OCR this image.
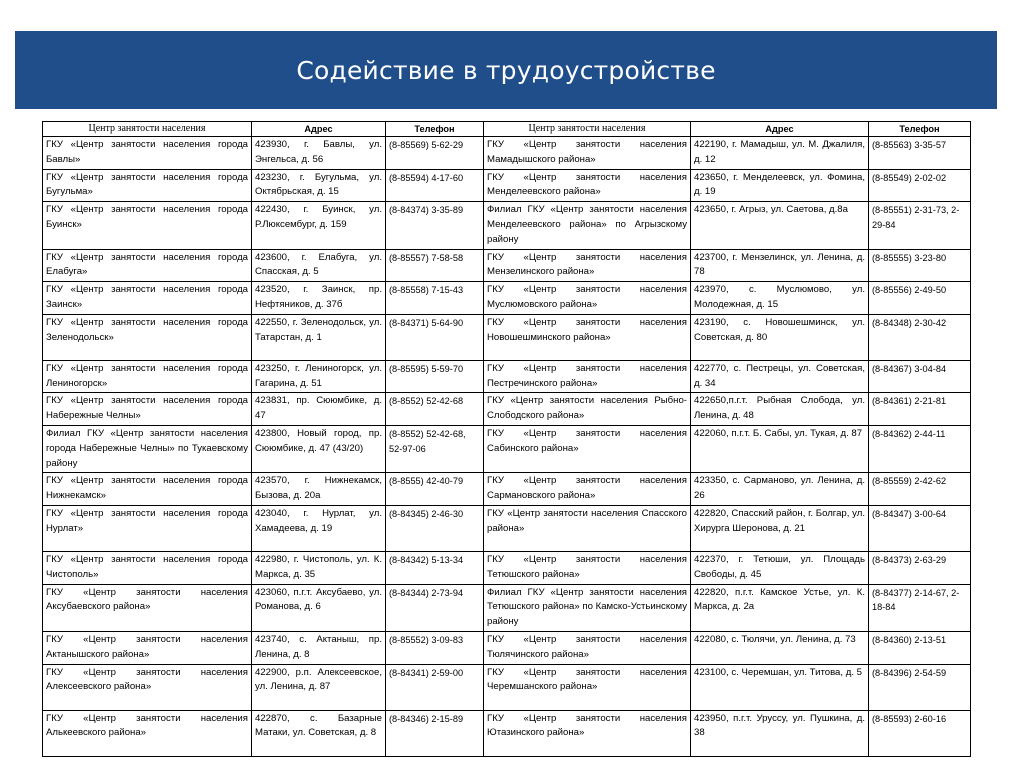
Содействие в трудоустройстве
Центр занятости населения	Адрес	Телефон	Центр занятости населения	Адрес	Телефон
ГКУ «Центр занятости населения города Бавлы»	423930, г. Бавлы, ул. Энгельса, д. 56	(8-85569) 5-62-29	ГКУ «Центр занятости населения Мамадышского района»	422190, г. Мамадыш, ул. М. Джалиля, д. 12	(8-85563) 3-35-57
ГКУ «Центр занятости населения города Бугульма»	423230, г. Бугульма, ул. Октябрьская, д. 15	(8-85594) 4-17-60	ГКУ «Центр занятости населения Менделеевского района»	423650, г. Менделеевск, ул. Фомина, д. 19	(8-85549) 2-02-02
ГКУ «Центр занятости населения города Буинск»	422430, г. Буинск, ул. Р.Люксембург, д. 159	(8-84374) 3-35-89	Филиал ГКУ «Центр занятости населения Менделеевского района» по Агрызскому району	423650, г. Агрыз, ул. Саетова, д.8а	(8-85551) 2-31-73, 2-29-84
ГКУ «Центр занятости населения города Елабуга»	423600, г. Елабуга, ул. Спасская, д. 5	(8-85557) 7-58-58	ГКУ «Центр занятости населения Мензелинского района»	423700, г. Мензелинск, ул. Ленина, д. 78	(8-85555) 3-23-80
ГКУ «Центр занятости населения города Заинск»	423520, г. Заинск, пр. Нефтяников, д. 37б	(8-85558) 7-15-43	ГКУ «Центр занятости населения Муслюмовского района»	423970, с. Муслюмово, ул. Молодежная, д. 15	(8-85556) 2-49-50
ГКУ «Центр занятости населения города Зеленодольск»	422550, г. Зеленодольск, ул. Татарстан, д. 1	(8-84371) 5-64-90	ГКУ «Центр занятости населения Новошешминского района»	423190, с. Новошешминск, ул. Советская, д. 80	(8-84348) 2-30-42
ГКУ «Центр занятости населения города Лениногорск»	423250, г. Лениногорск, ул. Гагарина, д. 51	(8-85595) 5-59-70	ГКУ «Центр занятости населения Пестречинского района»	422770, с. Пестрецы, ул. Советская, д. 34	(8-84367) 3-04-84
ГКУ «Центр занятости населения города Набережные Челны»	423831, пр. Сююмбике, д. 47	(8-8552) 52-42-68	ГКУ «Центр занятости населения Рыбно-Слободского района»	422650,п.г.т. Рыбная Слобода, ул. Ленина, д. 48	(8-84361) 2-21-81
Филиал ГКУ «Центр занятости населения города Набережные Челны» по Тукаевскому району	423800, Новый город, пр. Сююмбике, д. 47 (43/20)	(8-8552) 52-42-68, 52-97-06	ГКУ «Центр занятости населения Сабинского района»	422060, п.г.т. Б. Сабы, ул. Тукая, д. 87	(8-84362) 2-44-11
ГКУ «Центр занятости населения города Нижнекамск»	423570, г. Нижнекамск, Бызова, д. 20а	(8-8555) 42-40-79	ГКУ «Центр занятости населения Сармановского района»	423350, с. Сарманово, ул. Ленина, д. 26	(8-85559) 2-42-62
ГКУ «Центр занятости населения города Нурлат»	423040, г. Нурлат, ул. Хамадеева, д. 19	(8-84345) 2-46-30	ГКУ «Центр занятости населения Спасского района»	422820, Спасский район, г. Болгар, ул. Хирурга Шеронова, д. 21	(8-84347) 3-00-64
ГКУ «Центр занятости населения города Чистополь»	422980, г. Чистополь, ул. К. Маркса, д. 35	(8-84342) 5-13-34	ГКУ «Центр занятости населения Тетюшского района»	422370, г. Тетюши, ул. Площадь Свободы, д. 45	(8-84373) 2-63-29
ГКУ «Центр занятости населения Аксубаевского района»	423060, п.г.т. Аксубаево, ул. Романова, д. 6	(8-84344) 2-73-94	Филиал ГКУ «Центр занятости населения Тетюшского района» по Камско-Устьинскому району	422820, п.г.т. Камское Устье, ул. К. Маркса, д. 2а	(8-84377) 2-14-67, 2-18-84
ГКУ «Центр занятости населения Актанышского района»	423740, с. Актаныш, пр. Ленина, д. 8	(8-85552) 3-09-83	ГКУ «Центр занятости населения Тюлячинского района»	422080, с. Тюлячи, ул. Ленина, д. 73	(8-84360) 2-13-51
ГКУ «Центр занятости населения Алексеевского района»	422900, р.п. Алексеевское, ул. Ленина, д. 87	(8-84341) 2-59-00	ГКУ «Центр занятости населения Черемшанского района»	423100, с. Черемшан, ул. Титова, д. 5	(8-84396) 2-54-59
ГКУ «Центр занятости населения Алькеевского района»	422870, с. Базарные Матаки, ул. Советская, д. 8	(8-84346) 2-15-89	ГКУ «Центр занятости населения Ютазинского района»	423950, п.г.т. Уруссу, ул. Пушкина, д. 38	(8-85593) 2-60-16
